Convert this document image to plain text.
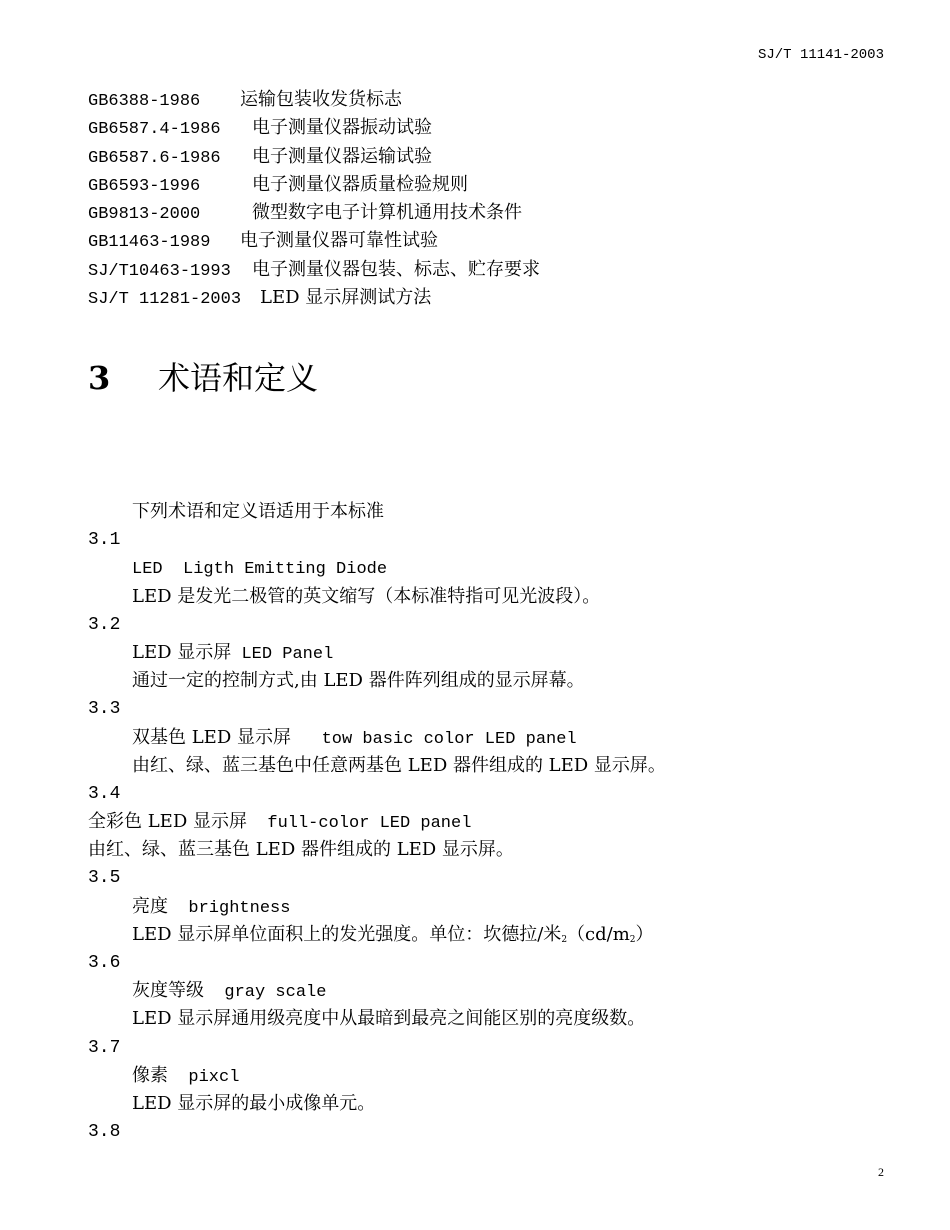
SJ/T 11141-2003
GB6388-1986 运输包装收发货标志
GB6587.4-1986 电子测量仪器振动试验
GB6587.6-1986 电子测量仪器运输试验
GB6593-1996	电子测量仪器质量检验规则
GB9813-2000	微型数字电子计算机通用技术条件
GB11463-1989 电子测量仪器可靠性试验
SJ/T10463-1993 电子测量仪器包装、标志、贮存要求
SJ/T 11281-2003 LED 显示屏测试方法
3 术语和定义
下列术语和定义语适用于本标准
3.1
LED Ligth Emitting Diode
LED 是发光二极管的英文缩写（本标准特指可见光波段）。
3.2
LED 显示屏 LED Panel
通过一定的控制方式,由 LED 器件阵列组成的显示屏幕。
3.3
双基色 LED 显示屏 tow basic color LED panel
由红、绿、蓝三基色中任意两基色 LED 器件组成的 LED 显示屏。
3.4
全彩色 LED 显示屏 full-color LED panel
由红、绿、蓝三基色 LED 器件组成的 LED 显示屏。
3.5
亮度 brightness
LED 显示屏单位面积上的发光强度。单位：坎德拉/米$_2(cd/m_2)$
3.6
灰度等级 gray scale
LED 显示屏通用级亮度中从最暗到最亮之间能区别的亮度级数。
3.7
像素 pixcl
LED 显示屏的最小成像单元。
3.8
2
